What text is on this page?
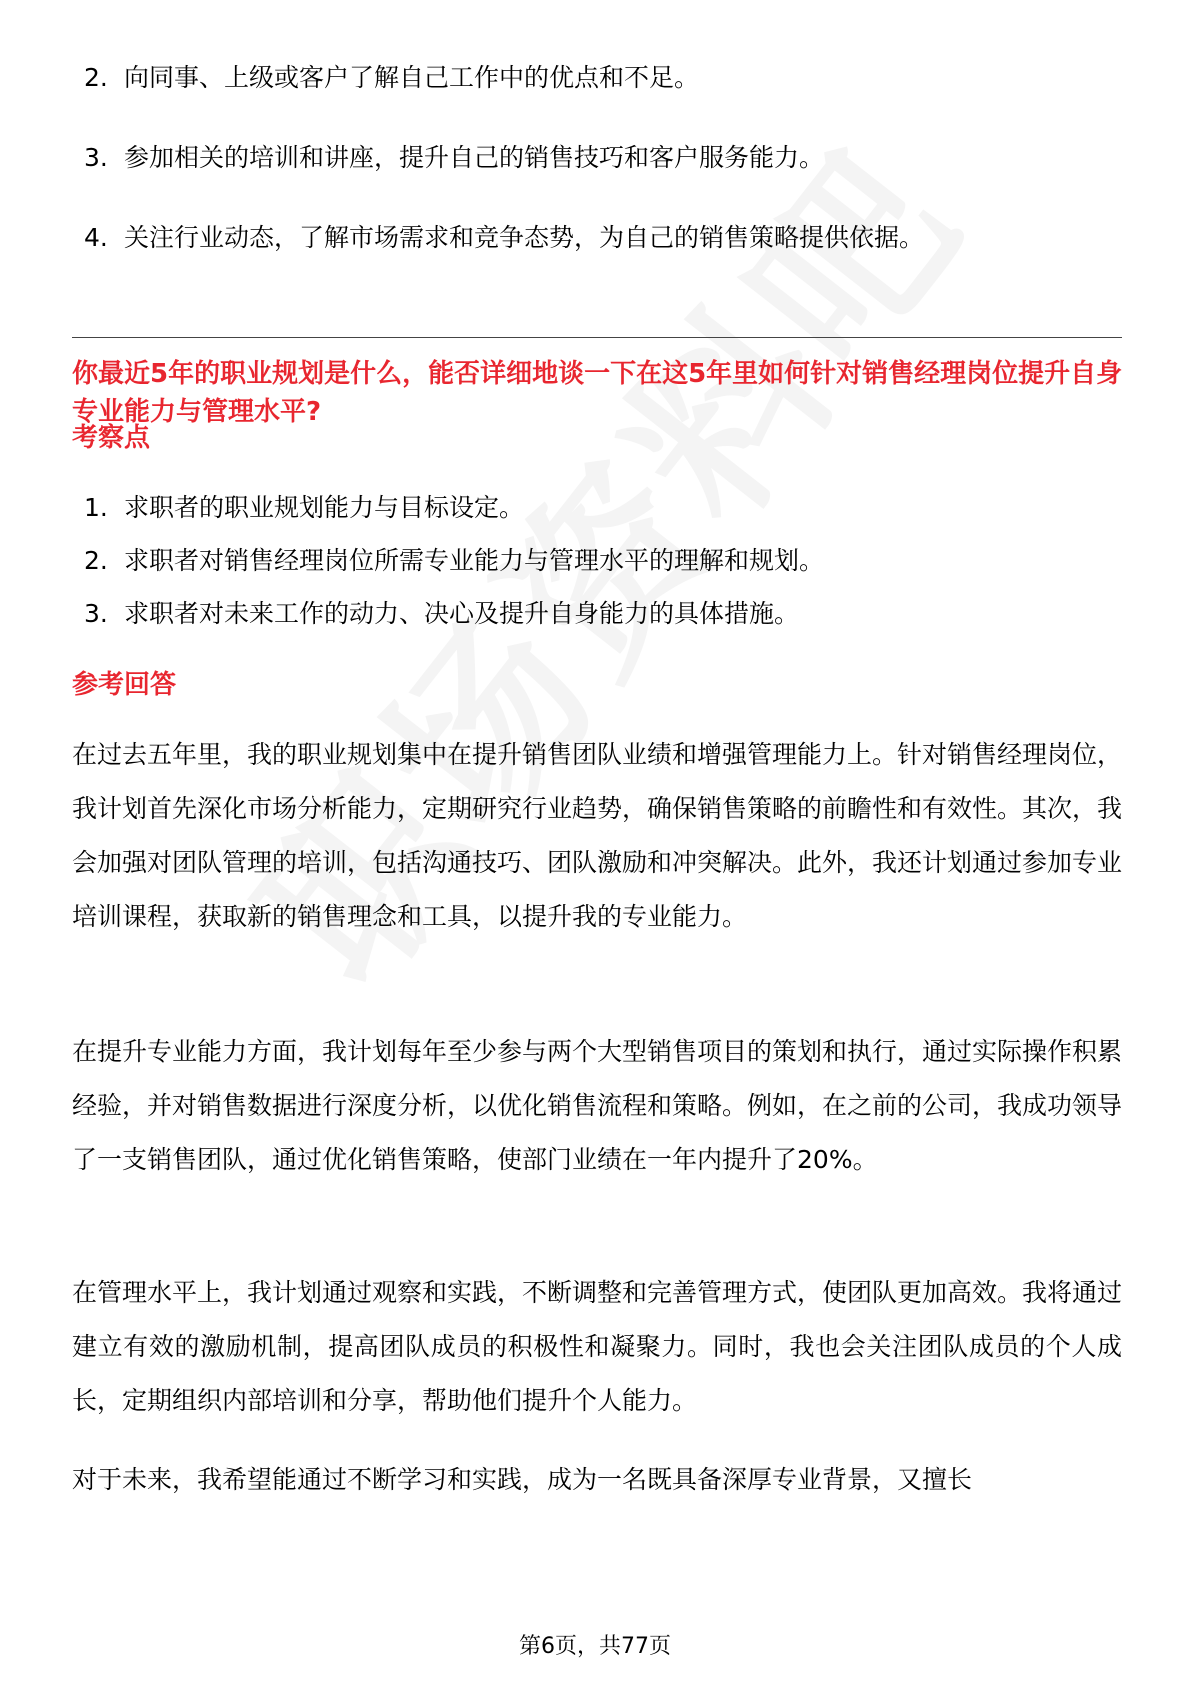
2. 向同事、上级或客户了解自己工作中的优点和不足。
3. 参加相关的培训和讲座，提升自己的销售技巧和客户服务能力。
4. 关注行业动态，了解市场需求和竞争态势，为自己的销售策略提供依据。
你最近5年的职业规划是什么，能否详细地谈一下在这5年里如何针对销售经理岗位提升自身专业能力与管理水平?
考察点
1. 求职者的职业规划能力与目标设定。
2. 求职者对销售经理岗位所需专业能力与管理水平的理解和规划。
3. 求职者对未来工作的动力、决心及提升自身能力的具体措施。
参考回答
在过去五年里，我的职业规划集中在提升销售团队业绩和增强管理能力上。针对销售经理岗位，我计划首先深化市场分析能力，定期研究行业趋势，确保销售策略的前瞻性和有效性。其次，我会加强对团队管理的培训，包括沟通技巧、团队激励和冲突解决。此外，我还计划通过参加专业培训课程，获取新的销售理念和工具，以提升我的专业能力。
在提升专业能力方面，我计划每年至少参与两个大型销售项目的策划和执行，通过实际操作积累经验，并对销售数据进行深度分析，以优化销售流程和策略。例如，在之前的公司，我成功领导了一支销售团队，通过优化销售策略，使部门业绩在一年内提升了20%。
在管理水平上，我计划通过观察和实践，不断调整和完善管理方式，使团队更加高效。我将通过建立有效的激励机制，提高团队成员的积极性和凝聚力。同时，我也会关注团队成员的个人成长，定期组织内部培训和分享，帮助他们提升个人能力。
对于未来，我希望能通过不断学习和实践，成为一名既具备深厚专业背景，又擅长
第6页，共77页
